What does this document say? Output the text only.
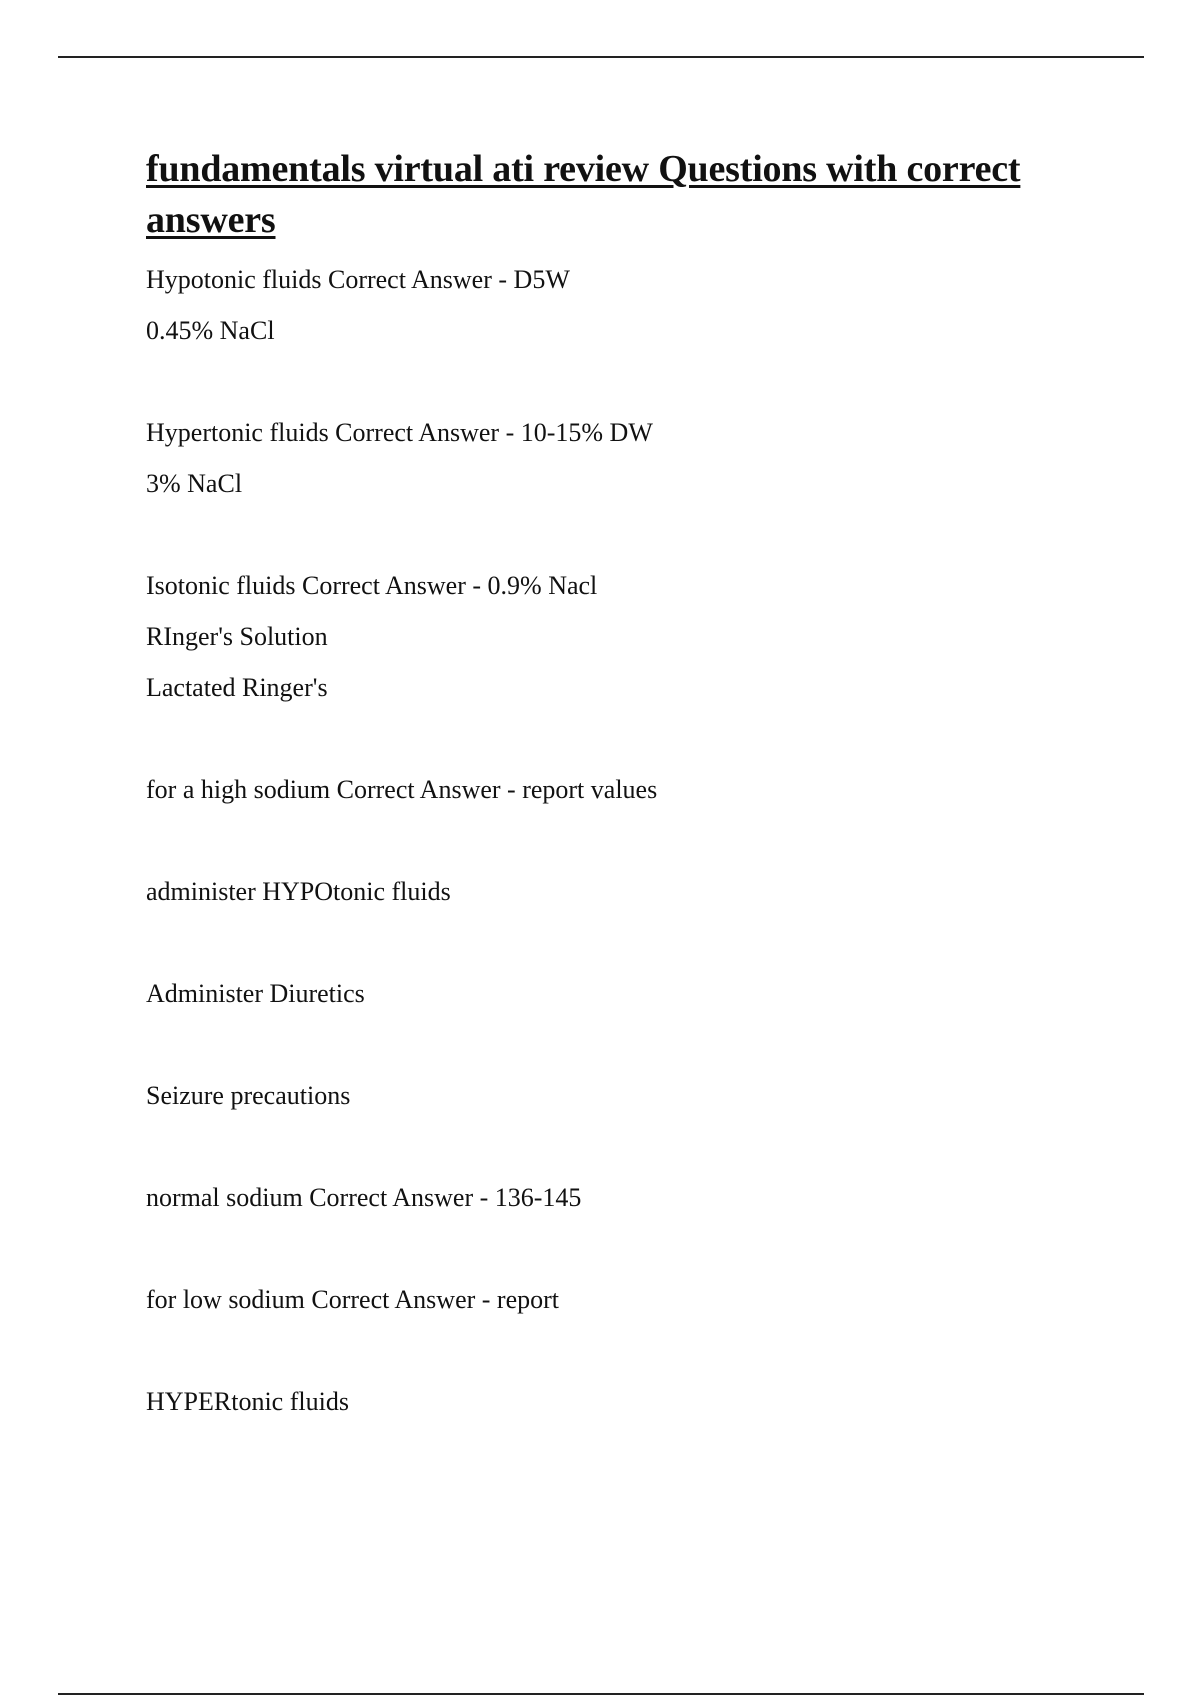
fundamentals virtual ati review Questions with correct answers
Hypotonic fluids Correct Answer - D5W
0.45% NaCl
Hypertonic fluids Correct Answer - 10-15% DW
3% NaCl
Isotonic fluids Correct Answer - 0.9% Nacl
RInger's Solution
Lactated Ringer's
for a high sodium Correct Answer - report values
administer HYPOtonic fluids
Administer Diuretics
Seizure precautions
normal sodium Correct Answer - 136-145
for low sodium Correct Answer - report
HYPERtonic fluids
